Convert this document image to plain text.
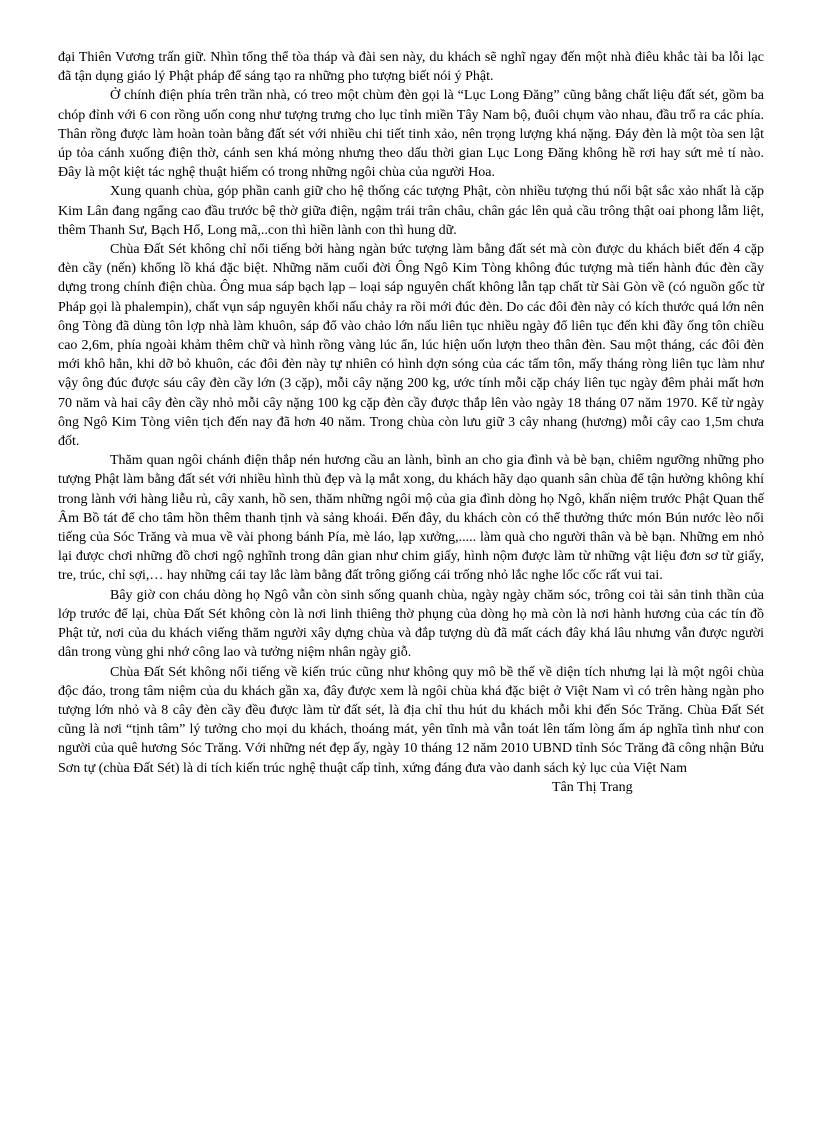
đại Thiên Vương trấn giữ. Nhìn tổng thể tòa tháp và đài sen này, du khách sẽ nghĩ ngay đến một nhà điêu khắc tài ba lỗi lạc đã tận dụng giáo lý Phật pháp để sáng tạo ra những pho tượng biết nói ý Phật.

Ở chính điện phía trên trần nhà, có treo một chùm đèn gọi là “Lục Long Đăng” cũng bằng chất liệu đất sét, gồm ba chóp đỉnh với 6 con rồng uốn cong như tượng trưng cho lục tỉnh miền Tây Nam bộ, đuôi chụm vào nhau, đầu trổ ra các phía. Thân rồng được làm hoàn toàn bằng đất sét với nhiều chi tiết tinh xảo, nên trọng lượng khá nặng. Đáy đèn là một tòa sen lật úp tỏa cánh xuống điện thờ, cánh sen khá mỏng nhưng theo dấu thời gian Lục Long Đăng không hề rơi hay sứt mẻ tí nào. Đây là một kiệt tác nghệ thuật hiếm có trong những ngôi chùa của người Hoa.

Xung quanh chùa, góp phần canh giữ cho hệ thống các tượng Phật, còn nhiều tượng thú nổi bật sắc xảo nhất là cặp Kim Lân đang ngẩng cao đầu trước bệ thờ giữa điện, ngậm trái trân châu, chân gác lên quả cầu trông thật oai phong lẫm liệt, thêm Thanh Sư, Bạch Hổ, Long mã,..con thì hiền lành con thì hung dữ.

Chùa Đất Sét không chỉ nổi tiếng bởi hàng ngàn bức tượng làm bằng đất sét mà còn được du khách biết đến 4 cặp đèn cầy (nến) khổng lồ khá đặc biệt. Những năm cuối đời Ông Ngô Kim Tòng không đúc tượng mà tiến hành đúc đèn cầy dựng trong chính điện chùa. Ông mua sáp bạch lạp – loại sáp nguyên chất không lẫn tạp chất từ Sài Gòn về (có nguồn gốc từ Pháp gọi là phalempin), chất vụn sáp nguyên khối nấu chảy ra rồi mới đúc đèn. Do các đôi đèn này có kích thước quá lớn nên ông Tòng đã dùng tôn lợp nhà làm khuôn, sáp đổ vào chảo lớn nấu liên tục nhiều ngày đổ liên tục đến khi đầy ống tôn chiều cao 2,6m, phía ngoài khảm thêm chữ và hình rồng vàng lúc ẩn, lúc hiện uốn lượn theo thân đèn. Sau một tháng, các đôi đèn mới khô hẳn, khi dỡ bỏ khuôn, các đôi đèn này tự nhiên có hình dợn sóng của các tấm tôn, mấy tháng ròng liên tục làm như vậy ông đúc được sáu cây đèn cầy lớn (3 cặp), mỗi cây nặng 200 kg, ước tính mỗi cặp cháy liên tục ngày đêm phải mất hơn 70 năm và hai cây đèn cầy nhỏ mỗi cây nặng 100 kg cặp đèn cầy được thắp lên vào ngày 18 tháng 07 năm 1970. Kể từ ngày ông Ngô Kim Tòng viên tịch đến nay đã hơn 40 năm. Trong chùa còn lưu giữ 3 cây nhang (hương) mỗi cây cao 1,5m chưa đốt.

Thăm quan ngôi chánh điện thắp nén hương cầu an lành, bình an cho gia đình và bè bạn, chiêm ngưỡng những pho tượng Phật làm bằng đất sét với nhiều hình thù đẹp và lạ mắt xong, du khách hãy dạo quanh sân chùa để tận hưởng không khí trong lành với hàng liễu rủ, cây xanh, hồ sen, thăm những ngôi mộ của gia đình dòng họ Ngô, khấn niệm trước Phật Quan thế Âm Bồ tát để cho tâm hồn thêm thanh tịnh và sảng khoái. Đến đây, du khách còn có thể thưởng thức món Bún nước lèo nổi tiếng của Sóc Trăng và mua về vài phong bánh Pía, mè láo, lạp xưởng,..... làm quà cho người thân và bè bạn. Những em nhỏ lại được chơi những đồ chơi ngộ nghĩnh trong dân gian như chim giấy, hình nộm được làm từ những vật liệu đơn sơ từ giấy, tre, trúc, chỉ sợi,… hay những cái tay lắc làm bằng đất trông giống cái trống nhỏ lắc nghe lốc cốc rất vui tai.

Bây giờ con cháu dòng họ Ngô vẫn còn sinh sống quanh chùa, ngày ngày chăm sóc, trông coi tài sản tinh thần của lớp trước để lại, chùa Đất Sét không còn là nơi linh thiêng thờ phụng của dòng họ mà còn là nơi hành hương của các tín đồ Phật tử, nơi của du khách viếng thăm người xây dựng chùa và đắp tượng dù đã mất cách đây khá lâu nhưng vẫn được người dân trong vùng ghi nhớ công lao và tưởng niệm nhân ngày giỗ.

Chùa Đất Sét không nổi tiếng về kiến trúc cũng như không quy mô bề thế về diện tích nhưng lại là một ngôi chùa độc đáo, trong tâm niệm của du khách gần xa, đây được xem là ngôi chùa khá đặc biệt ở Việt Nam vì có trên hàng ngàn pho tượng lớn nhỏ và 8 cây đèn cầy đều được làm từ đất sét, là địa chỉ thu hút du khách mỗi khi đến Sóc Trăng. Chùa Đất Sét cũng là nơi “tịnh tâm” lý tưởng cho mọi du khách, thoáng mát, yên tĩnh mà vẫn toát lên tấm lòng ấm áp nghĩa tình như con người của quê hương Sóc Trăng. Với những nét đẹp ấy, ngày 10 tháng 12 năm 2010 UBND tỉnh Sóc Trăng đã công nhận Bửu Sơn tự (chùa Đất Sét) là di tích kiến trúc nghệ thuật cấp tỉnh, xứng đáng đưa vào danh sách kỷ lục của Việt Nam

Tân Thị Trang
